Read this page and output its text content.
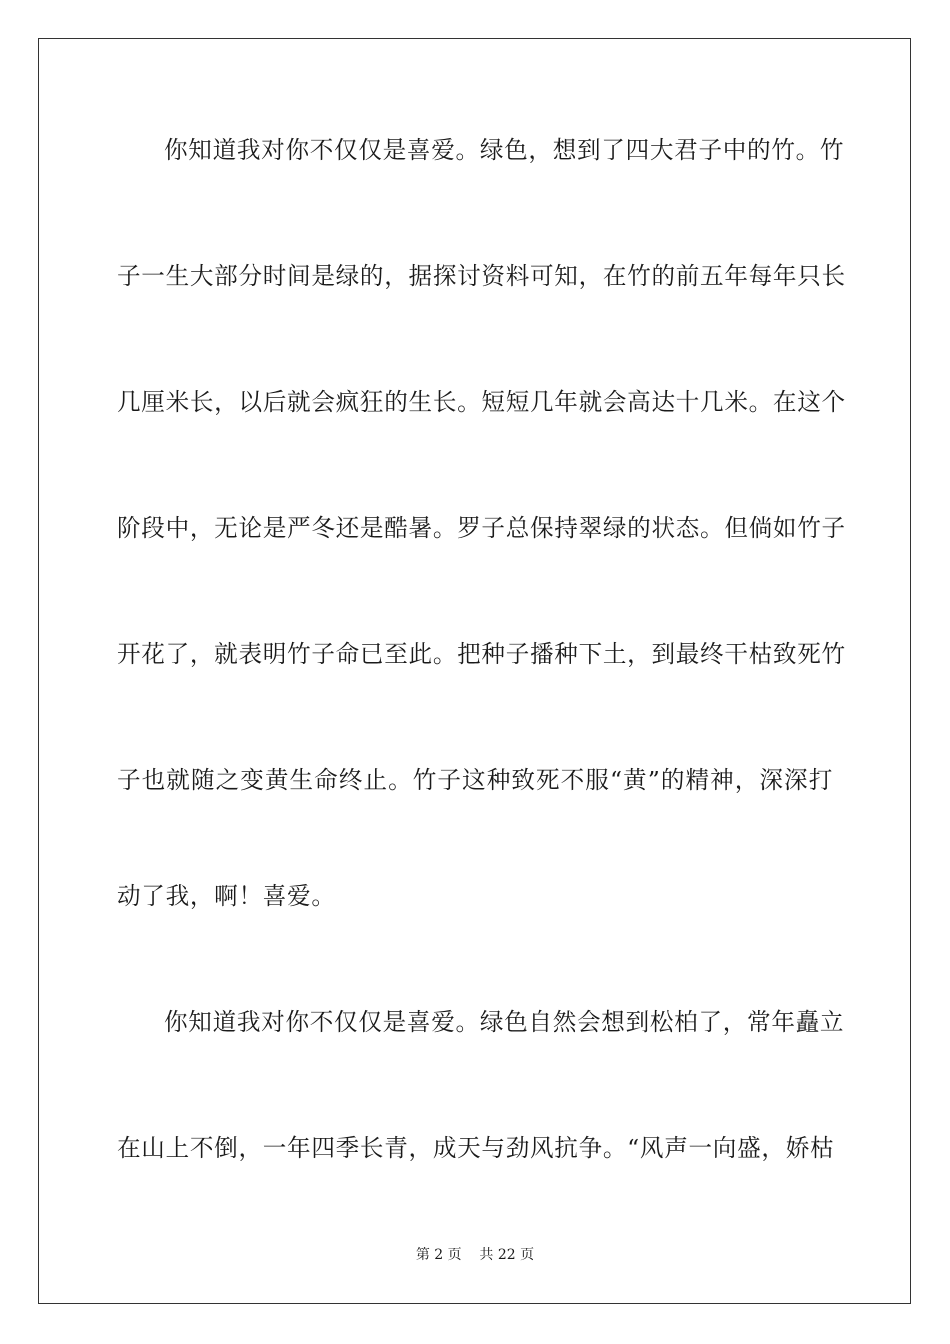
你知道我对你不仅仅是喜爱。绿色，想到了四大君子中的竹。竹
子一生大部分时间是绿的，据探讨资料可知，在竹的前五年每年只长
几厘米长，以后就会疯狂的生长。短短几年就会高达十几米。在这个
阶段中，无论是严冬还是酷暑。罗子总保持翠绿的状态。但倘如竹子
开花了，就表明竹子命已至此。把种子播种下土，到最终干枯致死竹
子也就随之变黄生命终止。竹子这种致死不服“黄”的精神，深深打
动了我，啊！喜爱。
你知道我对你不仅仅是喜爱。绿色自然会想到松柏了，常年矗立
在山上不倒，一年四季长青，成天与劲风抗争。“风声一向盛，娇枯
第 2 页    共 22 页
